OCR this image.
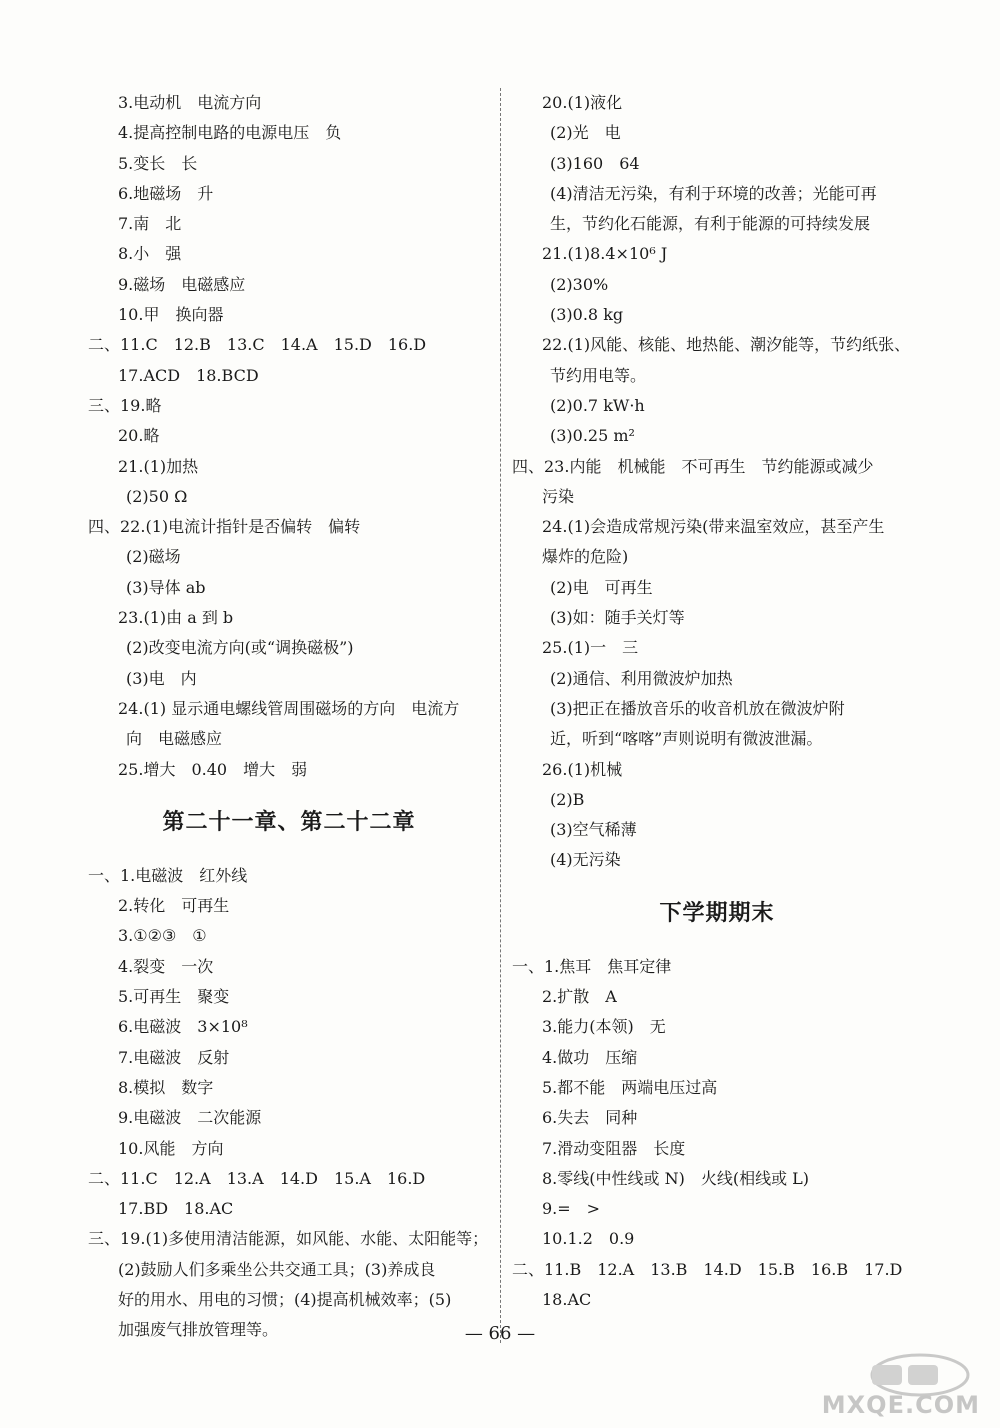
3.电动机　电流方向
4.提高控制电路的电源电压　负
5.变长　长
6.地磁场　升
7.南　北
8.小　强
9.磁场　电磁感应
10.甲　换向器
二、11.C　12.B　13.C　14.A　15.D　16.D
17.ACD　18.BCD
三、19.略
20.略
21.(1)加热
(2)50 Ω
四、22.(1)电流计指针是否偏转　偏转
(2)磁场
(3)导体 ab
23.(1)由 a 到 b
(2)改变电流方向(或“调换磁极”)
(3)电　内
24.(1) 显示通电螺线管周围磁场的方向　电流方
向　电磁感应
25.增大　0.40　增大　弱
第二十一章、第二十二章
一、1.电磁波　红外线
2.转化　可再生
3.①②③　①
4.裂变　一次
5.可再生　聚变
6.电磁波　3×10⁸
7.电磁波　反射
8.模拟　数字
9.电磁波　二次能源
10.风能　方向
二、11.C　12.A　13.A　14.D　15.A　16.D
17.BD　18.AC
三、19.(1)多使用清洁能源，如风能、水能、太阳能等；
(2)鼓励人们多乘坐公共交通工具；(3)养成良
好的用水、用电的习惯；(4)提高机械效率；(5)
加强废气排放管理等。
20.(1)液化
(2)光　电
(3)160　64
(4)清洁无污染，有利于环境的改善；光能可再
生，节约化石能源，有利于能源的可持续发展
21.(1)8.4×10⁶ J
(2)30%
(3)0.8 kg
22.(1)风能、核能、地热能、潮汐能等，节约纸张、
节约用电等。
(2)0.7 kW·h
(3)0.25 m²
四、23.内能　机械能　不可再生　节约能源或减少
污染
24.(1)会造成常规污染(带来温室效应，甚至产生
爆炸的危险)
(2)电　可再生
(3)如：随手关灯等
25.(1)一　三
(2)通信、利用微波炉加热
(3)把正在播放音乐的收音机放在微波炉附
近，听到“喀喀”声则说明有微波泄漏。
26.(1)机械
(2)B
(3)空气稀薄
(4)无污染
下学期期末
一、1.焦耳　焦耳定律
2.扩散　A
3.能力(本领)　无
4.做功　压缩
5.都不能　两端电压过高
6.失去　同种
7.滑动变阻器　长度
8.零线(中性线或 N)　火线(相线或 L)
9.=　>
10.1.2　0.9
二、11.B　12.A　13.B　14.D　15.B　16.B　17.D
18.AC
— 66 —
MXQE.COM
